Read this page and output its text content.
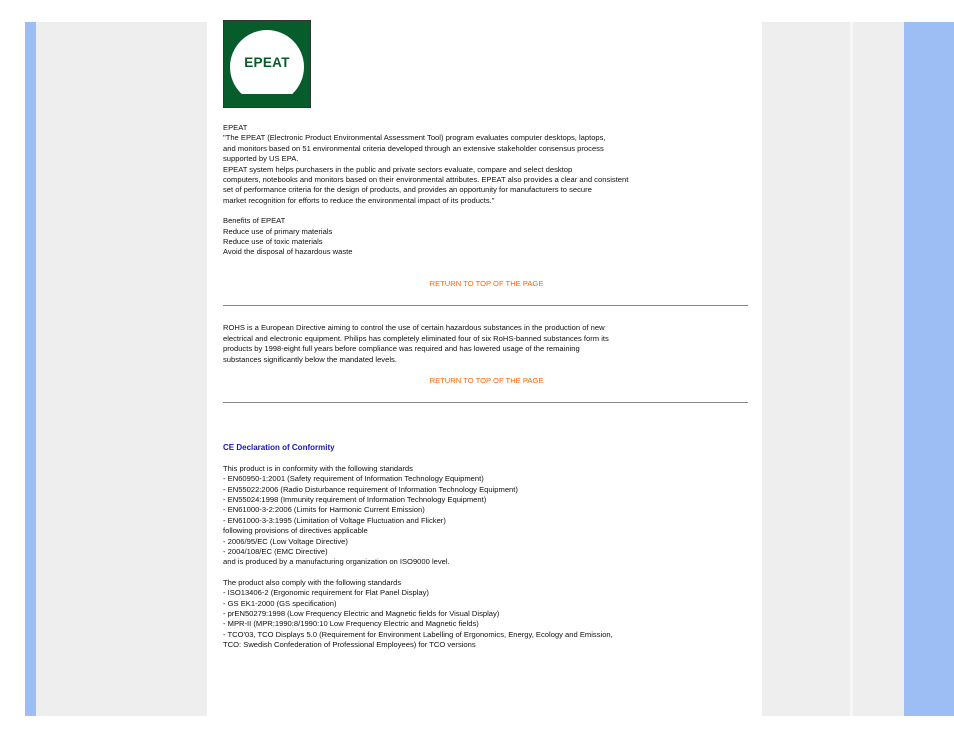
EPEAT

EPEAT

"The EPEAT (Electronic Product Environmental Assessment Tool) program evaluates computer desktops, laptops,
and monitors based on 51 environmental criteria developed through an extensive stakeholder consensus process
supported by US EPA.
EPEAT system helps purchasers in the public and private sectors evaluate, compare and select desktop
computers, notebooks and monitors based on their environmental attributes. EPEAT also provides a clear and consistent
set of performance criteria for the design of products, and provides an opportunity for manufacturers to secure
market recognition for efforts to reduce the environmental impact of its products."

Benefits of EPEAT

Reduce use of primary materials
Reduce use of toxic materials
Avoid the disposal of hazardous waste

RETURN TO TOP OF THE PAGE

ROHS is a European Directive aiming to control the use of certain hazardous substances in the production of new
electrical and electronic equipment. Philips has completely eliminated four of six RoHS-banned substances form its
products by 1998-eight full years before compliance was required and has lowered usage of the remaining
substances significantly below the mandated levels.

RETURN TO TOP OF THE PAGE

CE Declaration of Conformity

This product is in conformity with the following standards
- EN60950-1:2001 (Safety requirement of Information Technology Equipment)
- EN55022:2006 (Radio Disturbance requirement of Information Technology Equipment)
- EN55024:1998 (Immunity requirement of Information Technology Equipment)
- EN61000-3-2:2006 (Limits for Harmonic Current Emission)
- EN61000-3-3:1995 (Limitation of Voltage Fluctuation and Flicker)
following provisions of directives applicable
- 2006/95/EC (Low Voltage Directive)
- 2004/108/EC (EMC Directive)
and is produced by a manufacturing organization on ISO9000 level.
The product also comply with the following standards
- ISO13406-2 (Ergonomic requirement for Flat Panel Display)
- GS EK1-2000 (GS specification)
- prEN50279:1998 (Low Frequency Electric and Magnetic fields for Visual Display)
- MPR-II (MPR:1990:8/1990:10 Low Frequency Electric and Magnetic fields)
- TCO'03, TCO Displays 5.0 (Requirement for Environment Labelling of Ergonomics, Energy, Ecology and Emission,
TCO: Swedish Confederation of Professional Employees) for TCO versions
